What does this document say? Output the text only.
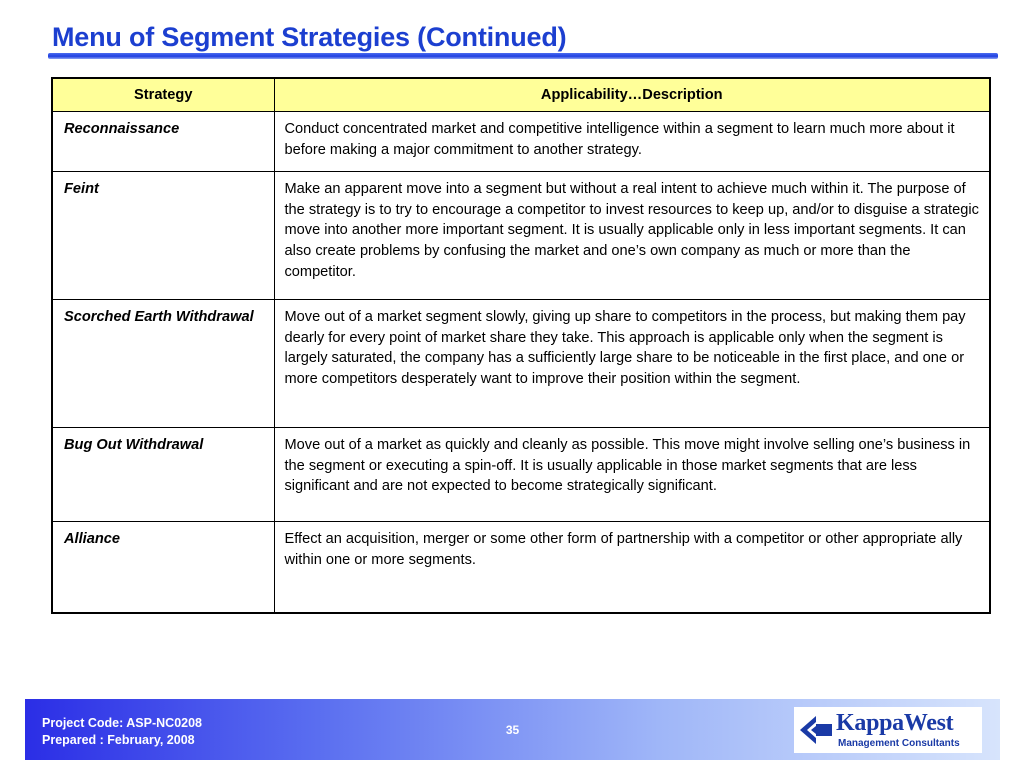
Menu of Segment Strategies (Continued)
Strategy	Applicability…Description
Reconnaissance	Conduct concentrated market and competitive intelligence within a segment to learn much more about it before making a major commitment to another strategy.
Feint	Make an apparent move into a segment but without a real intent to achieve much within it. The purpose of the strategy is to try to encourage a competitor to invest resources to keep up, and/or to disguise a strategic move into another more important segment. It is usually applicable only in less important segments. It can also create problems by confusing the market and one’s own company as much or more than the competitor.
Scorched Earth Withdrawal	Move out of a market segment slowly, giving up share to competitors in the process, but making them pay dearly for every point of market share they take. This approach is applicable only when the segment is largely saturated, the company has a sufficiently large share to be noticeable in the first place, and one or more competitors desperately want to improve their position within the segment.
Bug Out Withdrawal	Move out of a market as quickly and cleanly as possible. This move might involve selling one’s business in the segment or executing a spin-off. It is usually applicable in those market segments that are less significant and are not expected to become strategically significant.
Alliance	Effect an acquisition, merger or some other form of partnership with a competitor or other appropriate ally within one or more segments.
Project Code: ASP-NC0208
Prepared : February, 2008
35	KappaWest
Management Consultants
